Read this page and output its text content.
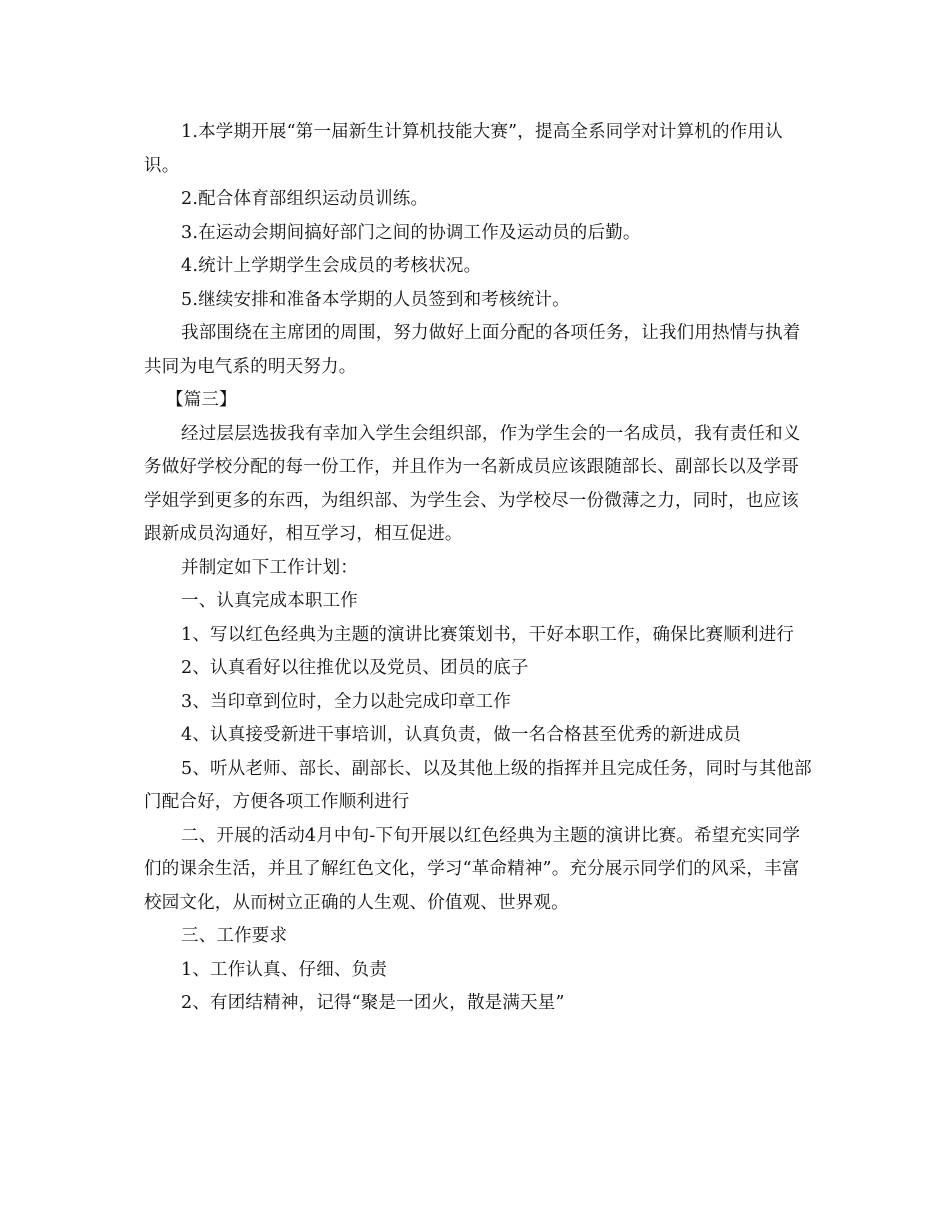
1.本学期开展“第一届新生计算机技能大赛”，提高全系同学对计算机的作用认识。

2.配合体育部组织运动员训练。

3.在运动会期间搞好部门之间的协调工作及运动员的后勤。

4.统计上学期学生会成员的考核状况。

5.继续安排和准备本学期的人员签到和考核统计。

我部围绕在主席团的周围，努力做好上面分配的各项任务，让我们用热情与执着共同为电气系的明天努力。

【篇三】

经过层层选拔我有幸加入学生会组织部，作为学生会的一名成员，我有责任和义务做好学校分配的每一份工作，并且作为一名新成员应该跟随部长、副部长以及学哥学姐学到更多的东西，为组织部、为学生会、为学校尽一份微薄之力，同时，也应该跟新成员沟通好，相互学习，相互促进。

并制定如下工作计划：

一、认真完成本职工作

1、写以红色经典为主题的演讲比赛策划书，干好本职工作，确保比赛顺利进行

2、认真看好以往推优以及党员、团员的底子

3、当印章到位时，全力以赴完成印章工作

4、认真接受新进干事培训，认真负责，做一名合格甚至优秀的新进成员

5、听从老师、部长、副部长、以及其他上级的指挥并且完成任务，同时与其他部门配合好，方便各项工作顺利进行

二、开展的活动4月中旬-下旬开展以红色经典为主题的演讲比赛。希望充实同学们的课余生活，并且了解红色文化，学习“革命精神”。充分展示同学们的风采，丰富校园文化，从而树立正确的人生观、价值观、世界观。

三、工作要求

1、工作认真、仔细、负责

2、有团结精神，记得“聚是一团火，散是满天星”
